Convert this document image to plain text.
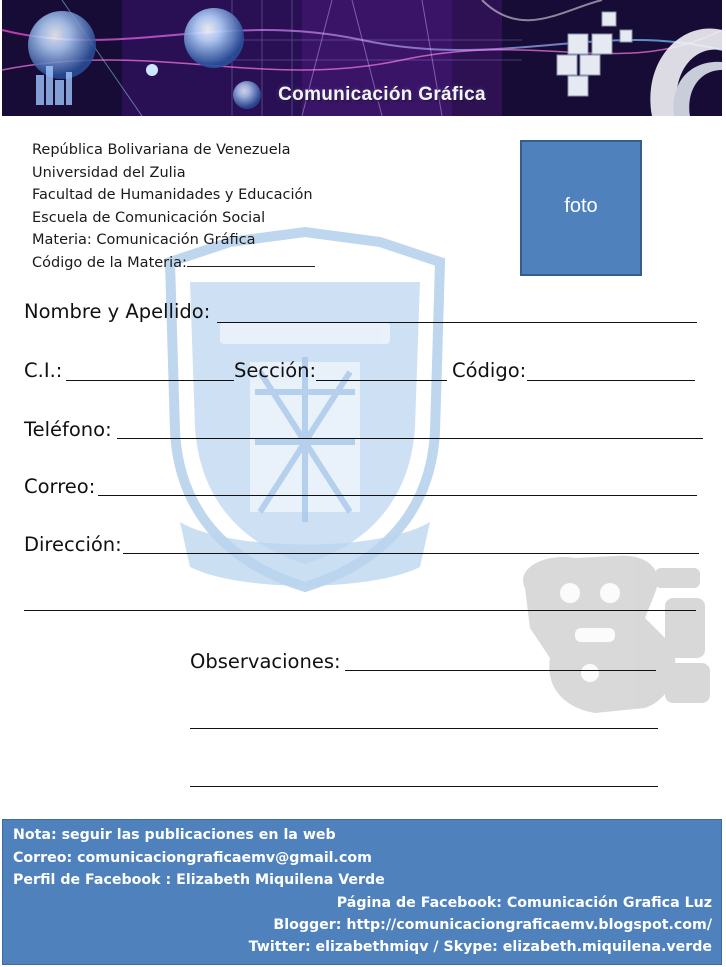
Comunicación Gráfica
República Bolivariana de Venezuela
Universidad del Zulia
Facultad de Humanidades y Educación
Escuela de Comunicación Social
Materia: Comunicación Gráfica
Código de la Materia:
foto
Nombre y Apellido:
C.I.:	Sección:	Código:
Teléfono:
Correo:
Dirección:
Observaciones:
Nota: seguir las publicaciones en la web
Correo: comunicaciongraficaemv@gmail.com
Perfil de Facebook : Elizabeth Miquilena Verde
Página de Facebook: Comunicación Grafica Luz
Blogger: http://comunicaciongraficaemv.blogspot.com/
Twitter: elizabethmiqv / Skype: elizabeth.miquilena.verde
